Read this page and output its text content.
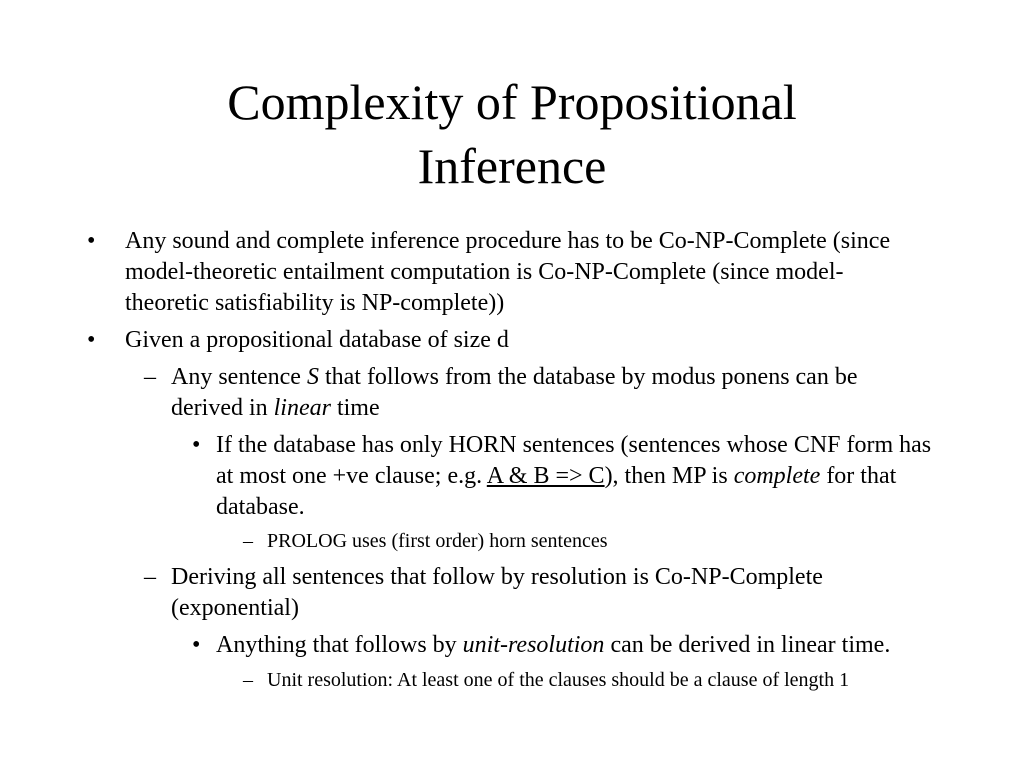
Complexity of Propositional
Inference
• Any sound and complete inference procedure has to be Co-NP-Complete (since model-theoretic entailment computation is Co-NP-Complete (since model-theoretic satisfiability is NP-complete))
• Given a propositional database of size d
– Any sentence S that follows from the database by modus ponens can be derived in linear time
• If the database has only HORN sentences (sentences whose CNF form has at most one +ve clause; e.g. A & B => C), then MP is complete for that database.
– PROLOG uses (first order) horn sentences
– Deriving all sentences that follow by resolution is Co-NP-Complete (exponential)
• Anything that follows by unit-resolution can be derived in linear time.
– Unit resolution: At least one of the clauses should be a clause of length 1
